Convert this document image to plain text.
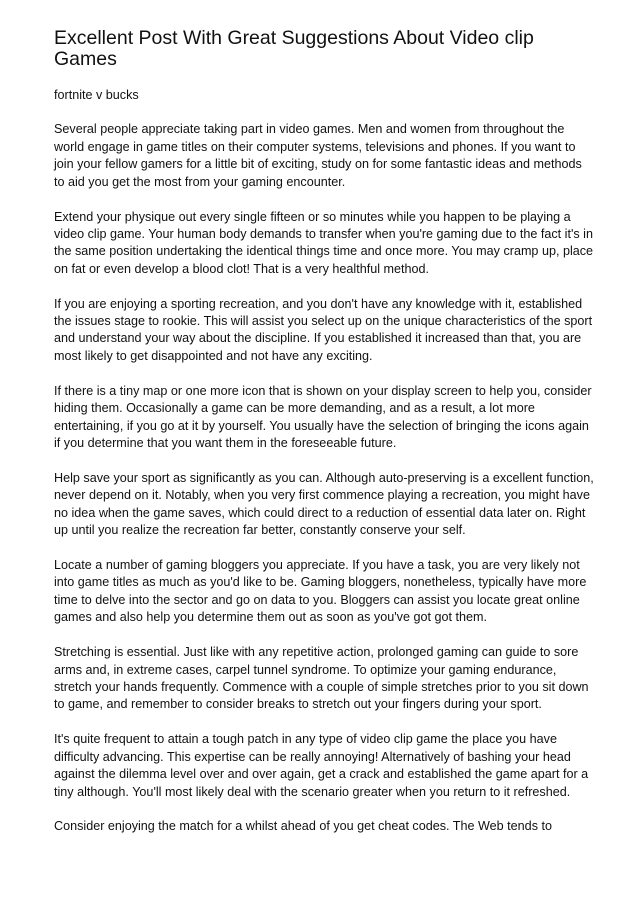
Excellent Post With Great Suggestions About Video clip Games
fortnite v bucks

Several people appreciate taking part in video games. Men and women from throughout the world engage in game titles on their computer systems, televisions and phones. If you want to join your fellow gamers for a little bit of exciting, study on for some fantastic ideas and methods to aid you get the most from your gaming encounter.

Extend your physique out every single fifteen or so minutes while you happen to be playing a video clip game. Your human body demands to transfer when you're gaming due to the fact it's in the same position undertaking the identical things time and once more. You may cramp up, place on fat or even develop a blood clot! That is a very healthful method.

If you are enjoying a sporting recreation, and you don't have any knowledge with it, established the issues stage to rookie. This will assist you select up on the unique characteristics of the sport and understand your way about the discipline. If you established it increased than that, you are most likely to get disappointed and not have any exciting.

If there is a tiny map or one more icon that is shown on your display screen to help you, consider hiding them. Occasionally a game can be more demanding, and as a result, a lot more entertaining, if you go at it by yourself. You usually have the selection of bringing the icons again if you determine that you want them in the foreseeable future.

Help save your sport as significantly as you can. Although auto-preserving is a excellent function, never depend on it. Notably, when you very first commence playing a recreation, you might have no idea when the game saves, which could direct to a reduction of essential data later on. Right up until you realize the recreation far better, constantly conserve your self.

Locate a number of gaming bloggers you appreciate. If you have a task, you are very likely not into game titles as much as you'd like to be. Gaming bloggers, nonetheless, typically have more time to delve into the sector and go on data to you. Bloggers can assist you locate great online games and also help you determine them out as soon as you've got got them.

Stretching is essential. Just like with any repetitive action, prolonged gaming can guide to sore arms and, in extreme cases, carpel tunnel syndrome. To optimize your gaming endurance, stretch your hands frequently. Commence with a couple of simple stretches prior to you sit down to game, and remember to consider breaks to stretch out your fingers during your sport.

It's quite frequent to attain a tough patch in any type of video clip game the place you have difficulty advancing. This expertise can be really annoying! Alternatively of bashing your head against the dilemma level over and over again, get a crack and established the game apart for a tiny although. You'll most likely deal with the scenario greater when you return to it refreshed.

Consider enjoying the match for a whilst ahead of you get cheat codes. The Web tends to
